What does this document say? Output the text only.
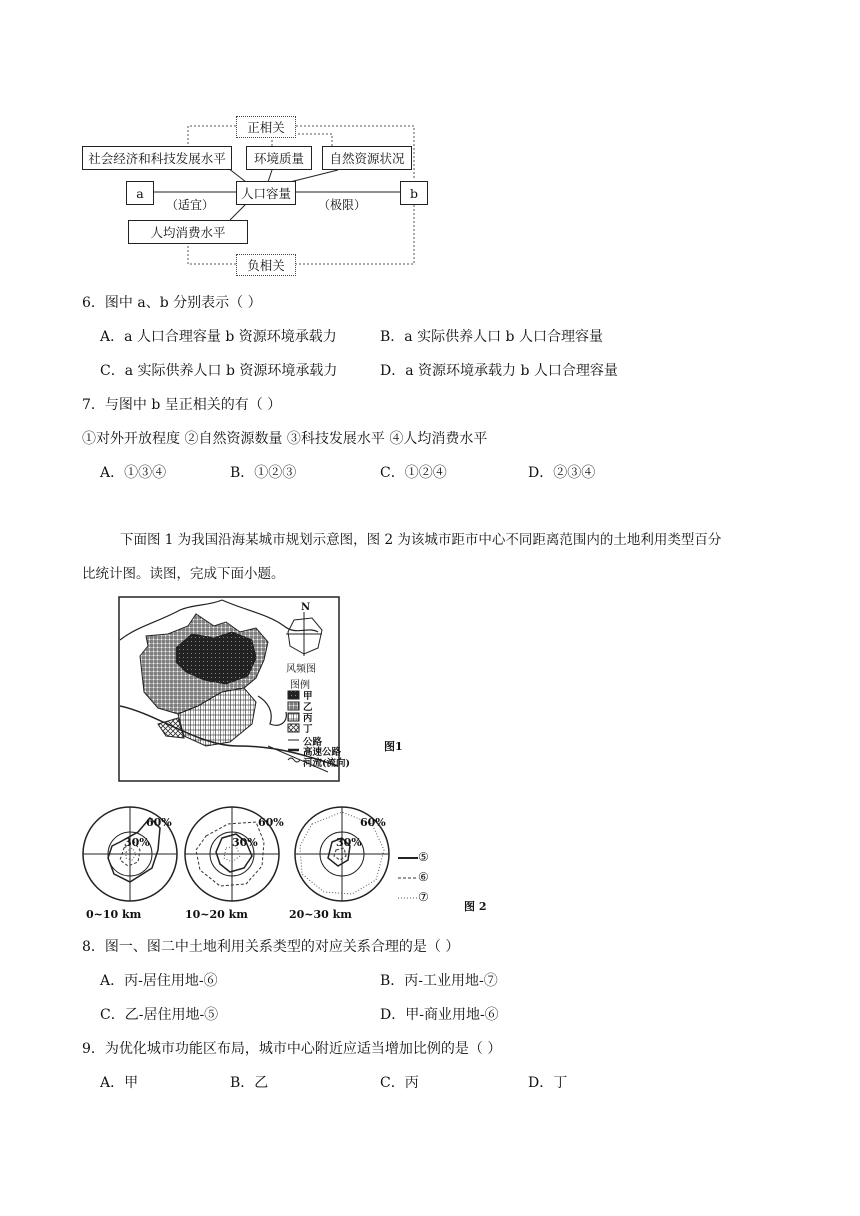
正相关
社会经济和科技发展水平	环境质量	自然资源状况
a	人口容量	b
（适宜）	（极限）
人均消费水平
负相关
6．图中 a、b 分别表示（ ）
A．a 人口合理容量 b 资源环境承载力	B．a 实际供养人口 b 人口合理容量
C．a 实际供养人口 b 资源环境承载力	D．a 资源环境承载力 b 人口合理容量
7．与图中 b 呈正相关的有（ ）
①对外开放程度 ②自然资源数量 ③科技发展水平 ④人均消费水平
A．①③④	B．①②③	C．①②④	D．②③④
下面图 1 为我国沿海某城市规划示意图，图 2 为该城市距市中心不同距离范围内的土地利用类型百分
比统计图。读图，完成下面小题。
N
风频图
图例
甲
乙
丙
丁
公路
高速公路
河流(流向)
图1
60%
30%
60%
30%
60%
30%
⑤
⑥
⑦
0~10 km	10~20 km	20~30 km
图 2
8．图一、图二中土地利用关系类型的对应关系合理的是（ ）
A．丙-居住用地-⑥	B．丙-工业用地-⑦
C．乙-居住用地-⑤	D．甲-商业用地-⑥
9．为优化城市功能区布局，城市中心附近应适当增加比例的是（ ）
A．甲	B．乙	C．丙	D．丁
